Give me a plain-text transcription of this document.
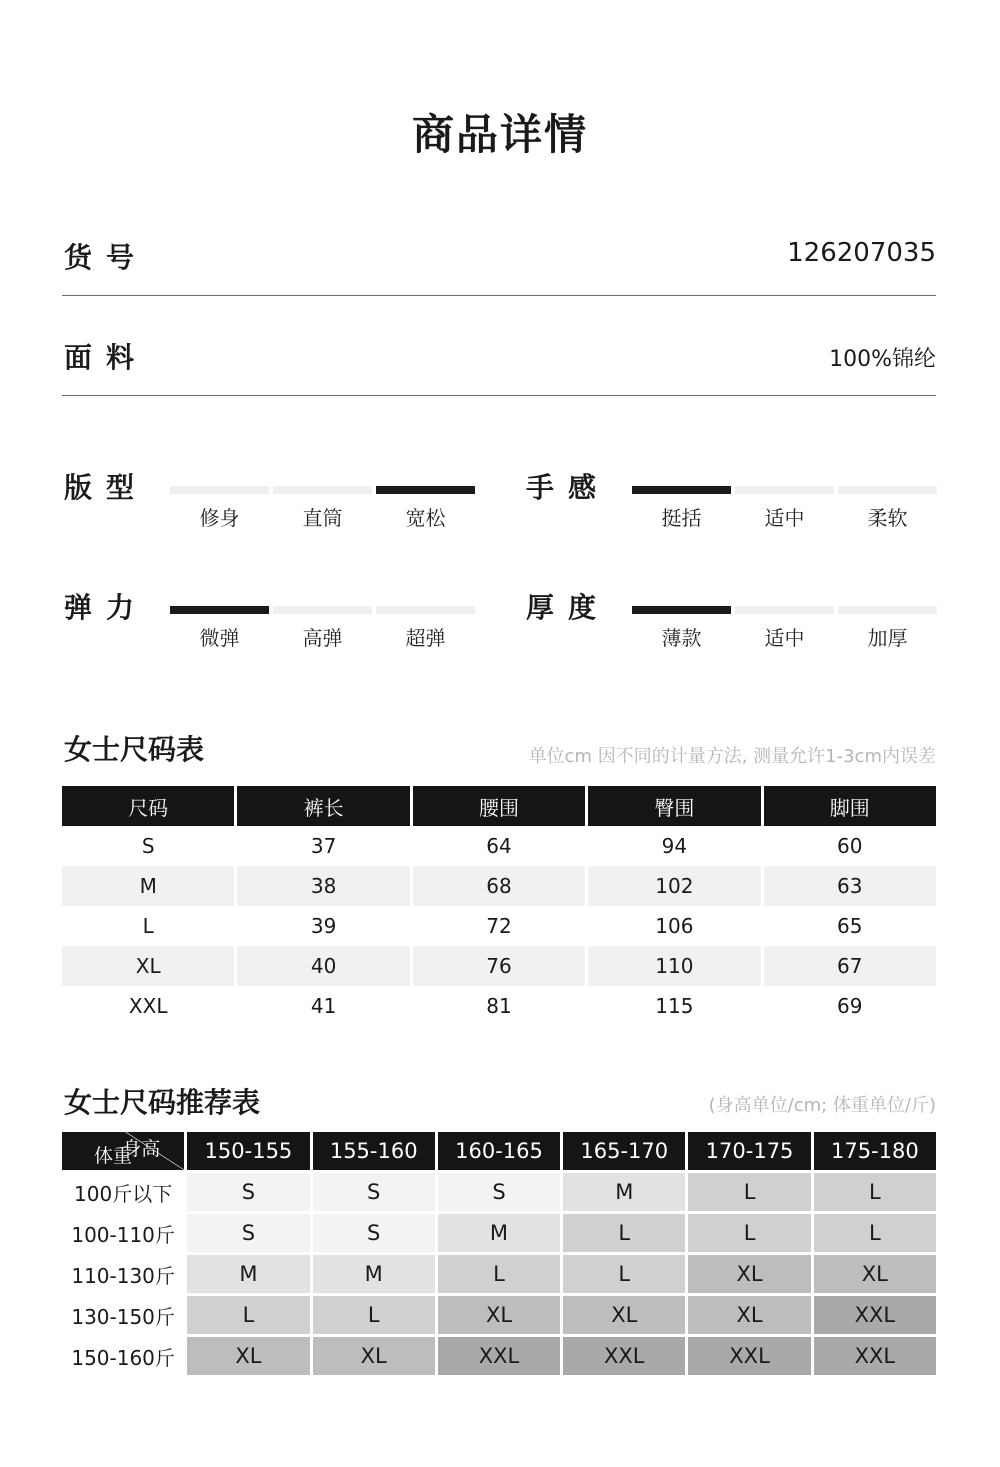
商品详情
货号	126207035
面料	100%锦纶
版型
修身	直筒	宽松
手感
挺括	适中	柔软
弹力
微弹	高弹	超弹
厚度
薄款	适中	加厚
女士尺码表	单位cm 因不同的计量方法, 测量允许1-3cm内误差
尺码	裤长	腰围	臀围	脚围
S	37	64	94	60
M	38	68	102	63
L	39	72	106	65
XL	40	76	110	67
XXL	41	81	115	69
女士尺码推荐表	(身高单位/cm; 体重单位/斤)
体重
身高	150-155	155-160	160-165	165-170	170-175	175-180
100斤以下	S	S	S	M	L	L
100-110斤	S	S	M	L	L	L
110-130斤	M	M	L	L	XL	XL
130-150斤	L	L	XL	XL	XL	XXL
150-160斤	XL	XL	XXL	XXL	XXL	XXL
